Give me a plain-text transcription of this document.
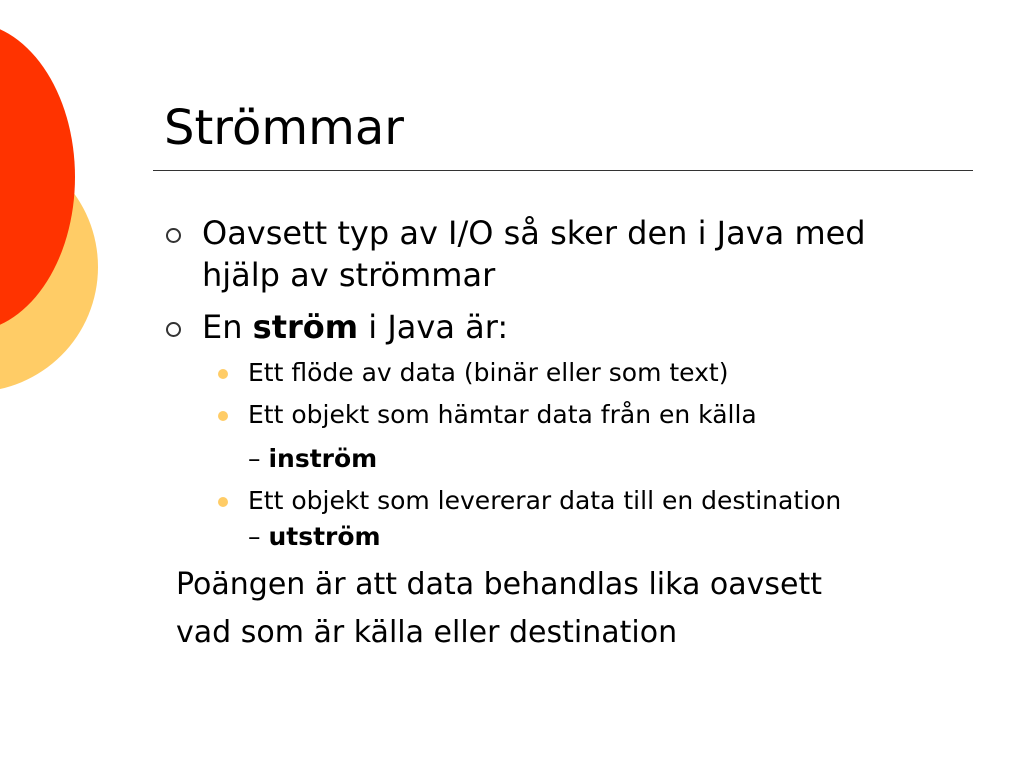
Strömmar
Oavsett typ av I/O så sker den i Java med
hjälp av strömmar
En ström i Java är:
Ett flöde av data (binär eller som text)
Ett objekt som hämtar data från en källa
– inström
Ett objekt som levererar data till en destination
– utström
Poängen är att data behandlas lika oavsett
vad som är källa eller destination
